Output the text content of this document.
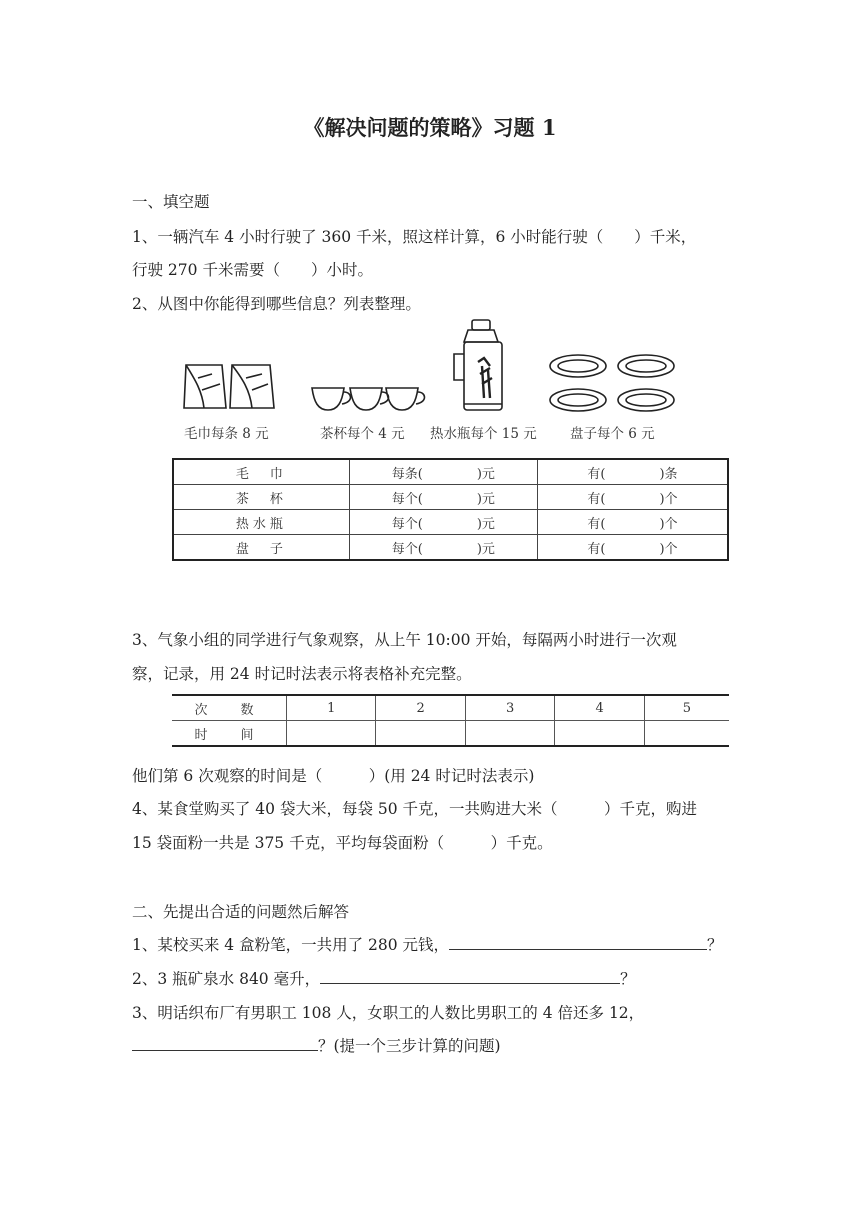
《解决问题的策略》习题 1
一、填空题
1、一辆汽车 4 小时行驶了 360 千米，照这样计算，6 小时能行驶（　　）千米，
行驶 270 千米需要（　　）小时。
2、从图中你能得到哪些信息？列表整理。
毛巾每条 8 元	茶杯每个 4 元 热水瓶每个 15 元 盘子每个 6 元
毛　巾	每条( )元	有( )条

茶　杯	每个( )元	有( )个

热水瓶	每个( )元	有( )个

盘　子	每个( )元	有( )个
3、气象小组的同学进行气象观察，从上午 10:00 开始，每隔两小时进行一次观
察，记录，用 24 时记时法表示将表格补充完整。
次　数	1	2	3	4	5
时　间					
他们第 6 次观察的时间是（　　　）(用 24 时记时法表示)
4、某食堂购买了 40 袋大米，每袋 50 千克，一共购进大米（　　　）千克，购进
15 袋面粉一共是 375 千克，平均每袋面粉（　　　）千克。
二、先提出合适的问题然后解答
1、某校买来 4 盒粉笔，一共用了 280 元钱，	？
2、3 瓶矿泉水 840 毫升，	？
3、明话织布厂有男职工 108 人，女职工的人数比男职工的 4 倍还多 12，
？(提一个三步计算的问题)
